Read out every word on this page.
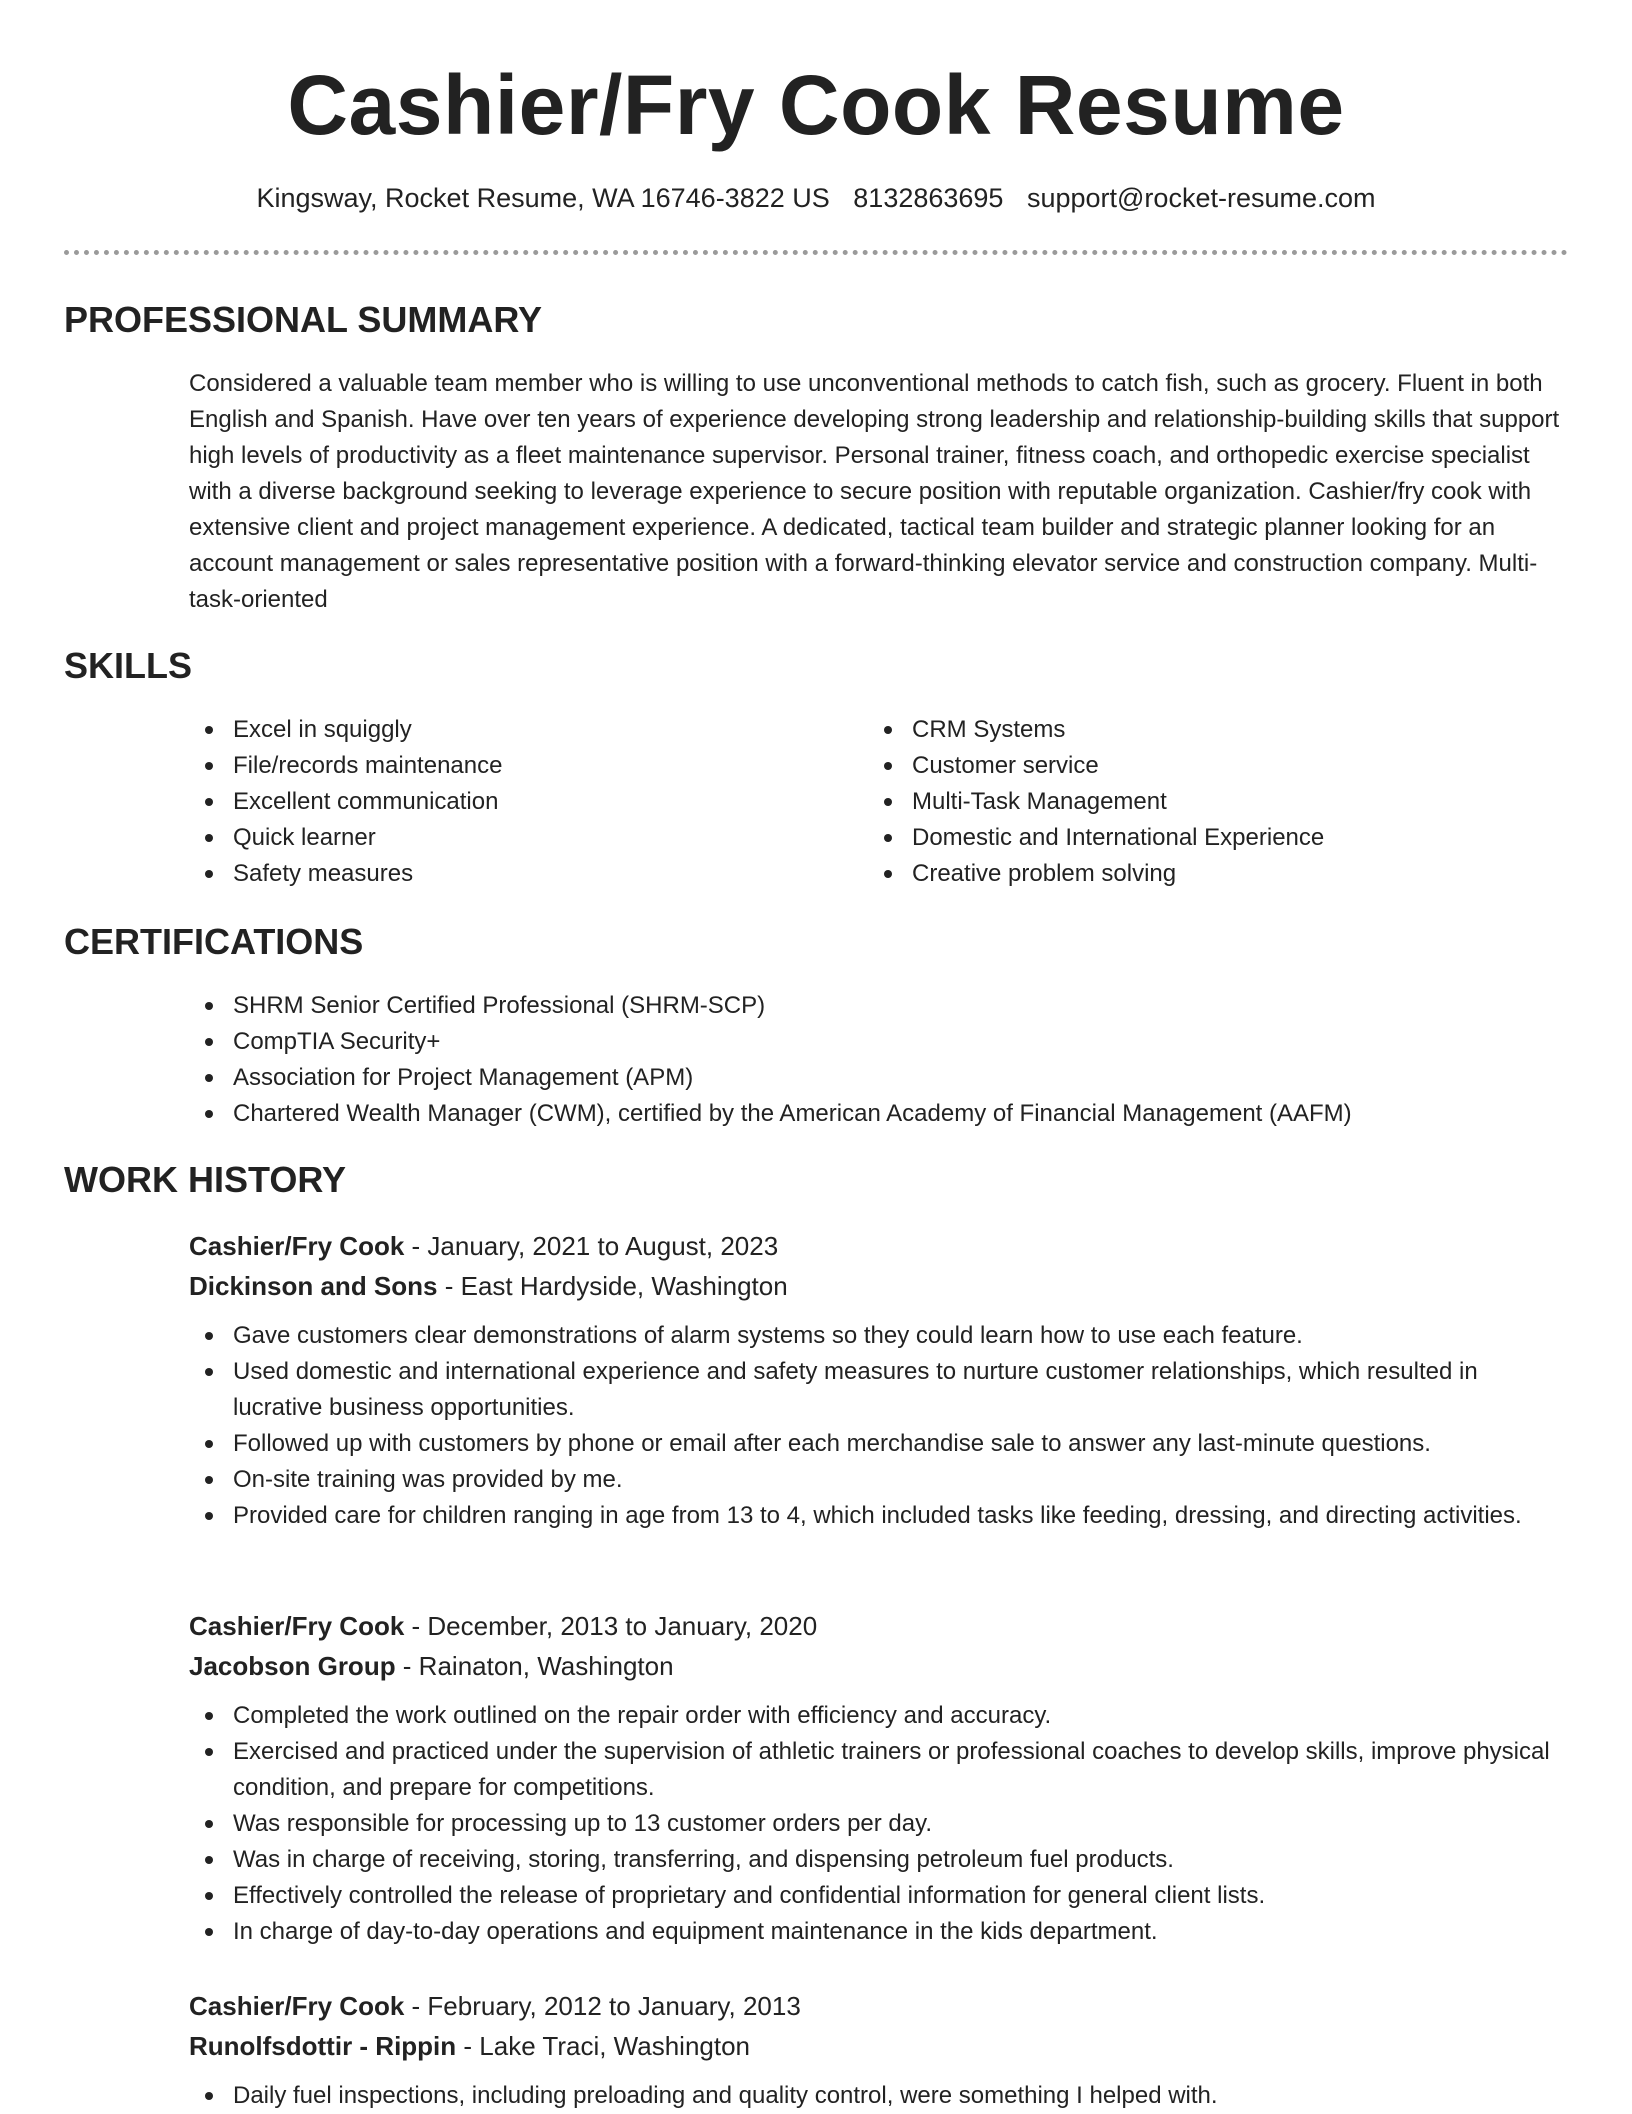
Cashier/Fry Cook Resume
Kingsway, Rocket Resume, WA 16746-3822 US 8132863695 support@rocket-resume.com
PROFESSIONAL SUMMARY

Considered a valuable team member who is willing to use unconventional methods to catch fish, such as grocery. Fluent in both English and Spanish. Have over ten years of experience developing strong leadership and relationship-building skills that support high levels of productivity as a fleet maintenance supervisor. Personal trainer, fitness coach, and orthopedic exercise specialist with a diverse background seeking to leverage experience to secure position with reputable organization. Cashier/fry cook with extensive client and project management experience. A dedicated, tactical team builder and strategic planner looking for an account management or sales representative position with a forward-thinking elevator service and construction company. Multi-task-oriented

SKILLS
Excel in squiggly
File/records maintenance
Excellent communication
Quick learner
Safety measures
CRM Systems
Customer service
Multi-Task Management
Domestic and International Experience
Creative problem solving
CERTIFICATIONS
SHRM Senior Certified Professional (SHRM-SCP)
CompTIA Security+
Association for Project Management (APM)
Chartered Wealth Manager (CWM), certified by the American Academy of Financial Management (AAFM)
WORK HISTORY
Cashier/Fry Cook - January, 2021 to August, 2023
Dickinson and Sons - East Hardyside, Washington
Gave customers clear demonstrations of alarm systems so they could learn how to use each feature.
Used domestic and international experience and safety measures to nurture customer relationships, which resulted in lucrative business opportunities.
Followed up with customers by phone or email after each merchandise sale to answer any last-minute questions.
On-site training was provided by me.
Provided care for children ranging in age from 13 to 4, which included tasks like feeding, dressing, and directing activities.
Cashier/Fry Cook - December, 2013 to January, 2020
Jacobson Group - Rainaton, Washington
Completed the work outlined on the repair order with efficiency and accuracy.
Exercised and practiced under the supervision of athletic trainers or professional coaches to develop skills, improve physical condition, and prepare for competitions.
Was responsible for processing up to 13 customer orders per day.
Was in charge of receiving, storing, transferring, and dispensing petroleum fuel products.
Effectively controlled the release of proprietary and confidential information for general client lists.
In charge of day-to-day operations and equipment maintenance in the kids department.
Cashier/Fry Cook - February, 2012 to January, 2013
Runolfsdottir - Rippin - Lake Traci, Washington
Daily fuel inspections, including preloading and quality control, were something I helped with.
